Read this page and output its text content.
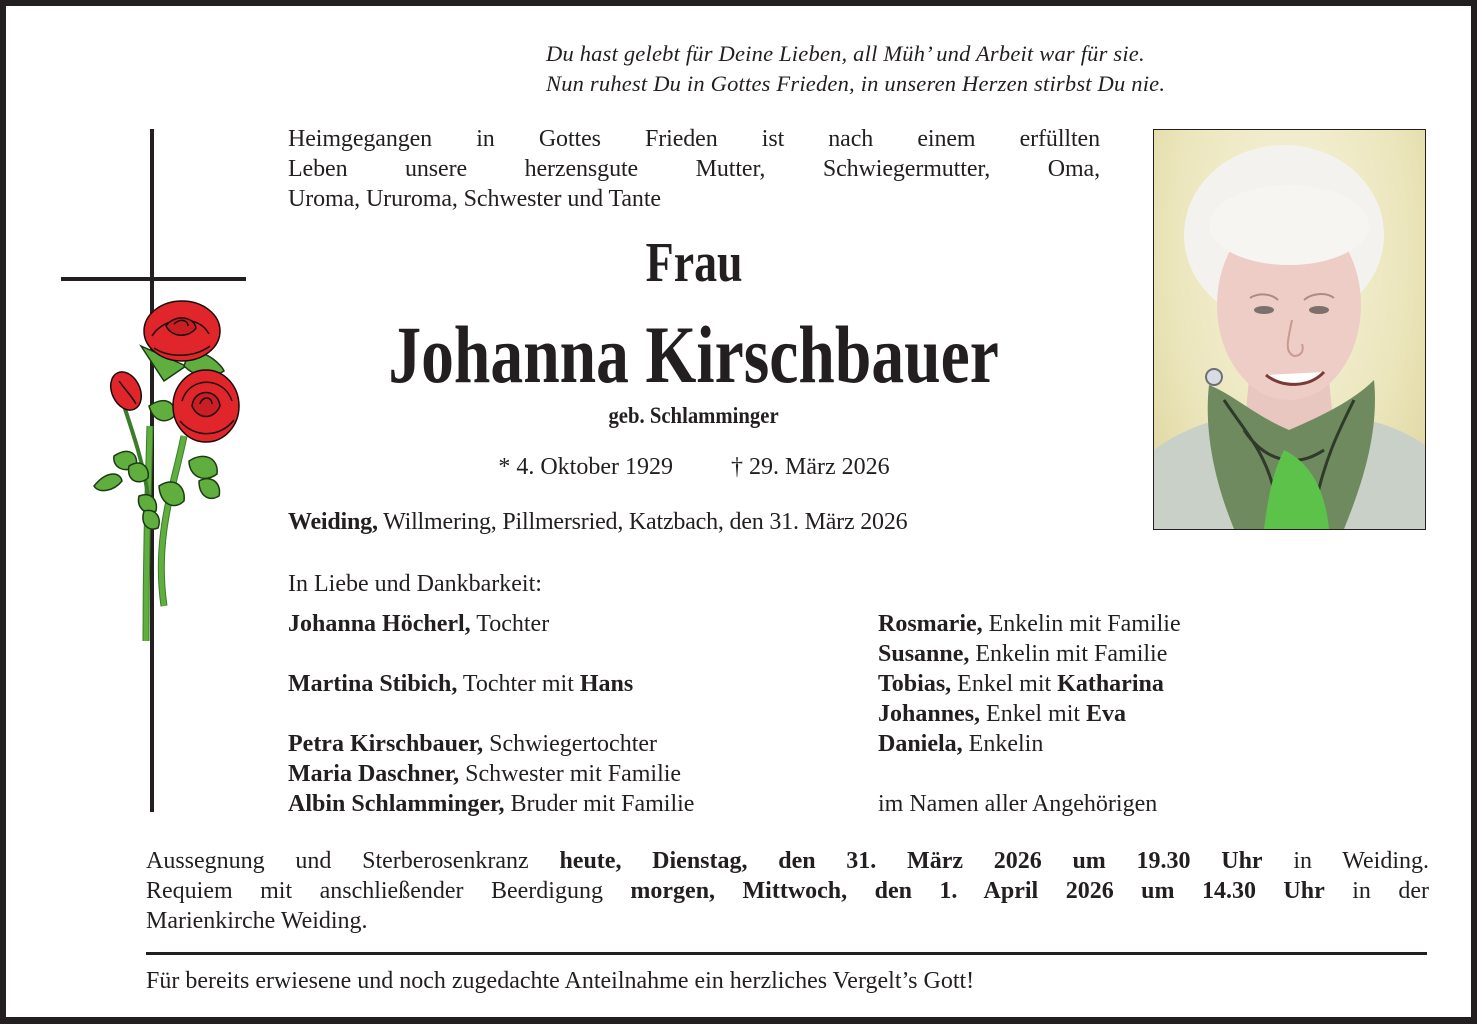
Du hast gelebt für Deine Lieben, all Müh’ und Arbeit war für sie.
Nun ruhest Du in Gottes Frieden, in unseren Herzen stirbst Du nie.
Heimgegangen in Gottes Frieden ist nach einem erfüllten
Leben unsere herzensgute Mutter, Schwiegermutter, Oma,
Uroma, Ururoma, Schwester und Tante
Frau
Johanna Kirschbauer
geb. Schlamminger
* 4. Oktober 1929 † 29. März 2026
Weiding, Willmering, Pillmersried, Katzbach, den 31. März 2026
In Liebe und Dankbarkeit:
Johanna Höcherl, Tochter
Martina Stibich, Tochter mit Hans
Petra Kirschbauer, Schwiegertochter
Maria Daschner, Schwester mit Familie
Albin Schlamminger, Bruder mit Familie
Rosmarie, Enkelin mit Familie
Susanne, Enkelin mit Familie
Tobias, Enkel mit Katharina
Johannes, Enkel mit Eva
Daniela, Enkelin
im Namen aller Angehörigen
Aussegnung und Sterberosenkranz heute, Dienstag, den 31. März 2026 um 19.30 Uhr in Weiding.
Requiem mit anschließender Beerdigung morgen, Mittwoch, den 1. April 2026 um 14.30 Uhr in der
Marienkirche Weiding.
Für bereits erwiesene und noch zugedachte Anteilnahme ein herzliches Vergelt’s Gott!
